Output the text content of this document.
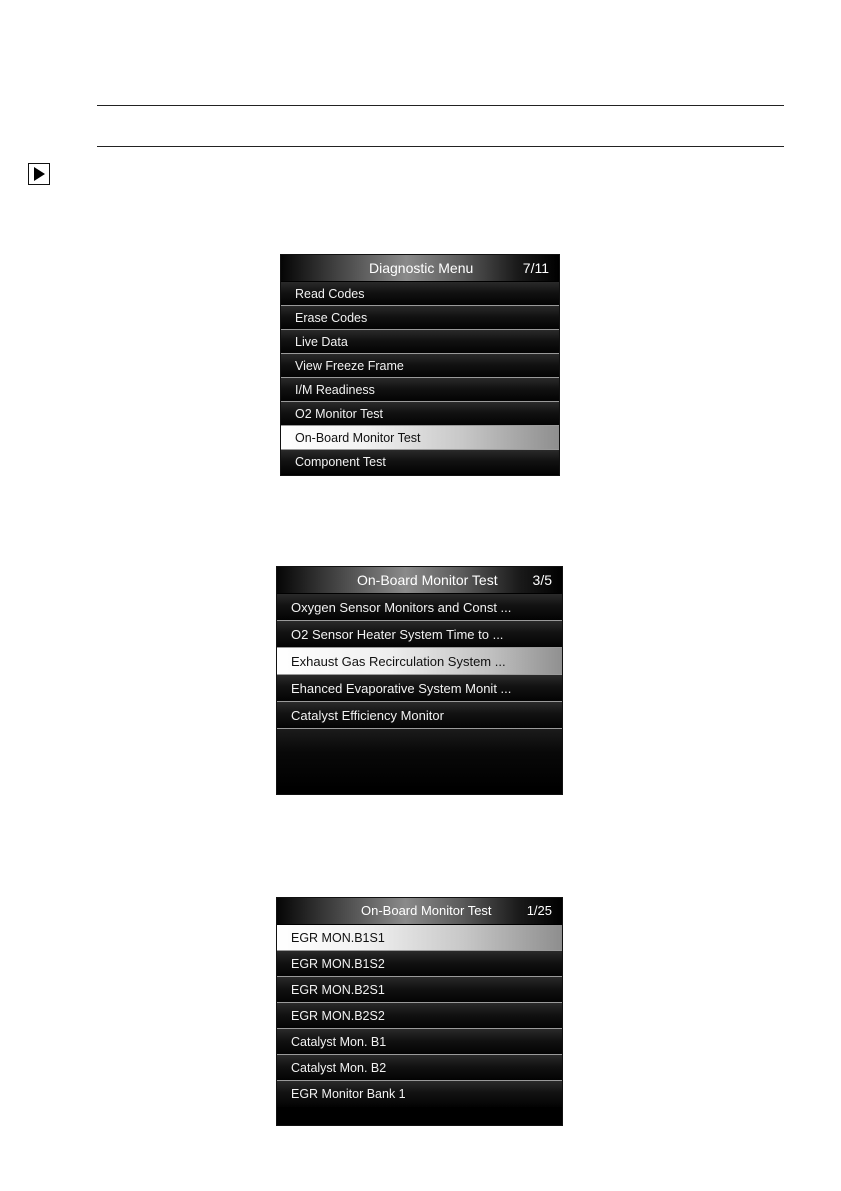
Diagnostic Menu	7/11
Read Codes
Erase Codes
Live Data
View Freeze Frame
I/M Readiness
O2 Monitor Test
On-Board Monitor Test
Component Test
On-Board Monitor Test 3/5
Oxygen Sensor Monitors and Const ...
O2 Sensor Heater System Time to ...
Exhaust Gas Recirculation System ...
Ehanced Evaporative System Monit ...
Catalyst Efficiency Monitor
On-Board Monitor Test	1/25
EGR MON.B1S1
EGR MON.B1S2
EGR MON.B2S1
EGR MON.B2S2
Catalyst Mon. B1
Catalyst Mon. B2
EGR Monitor Bank 1
